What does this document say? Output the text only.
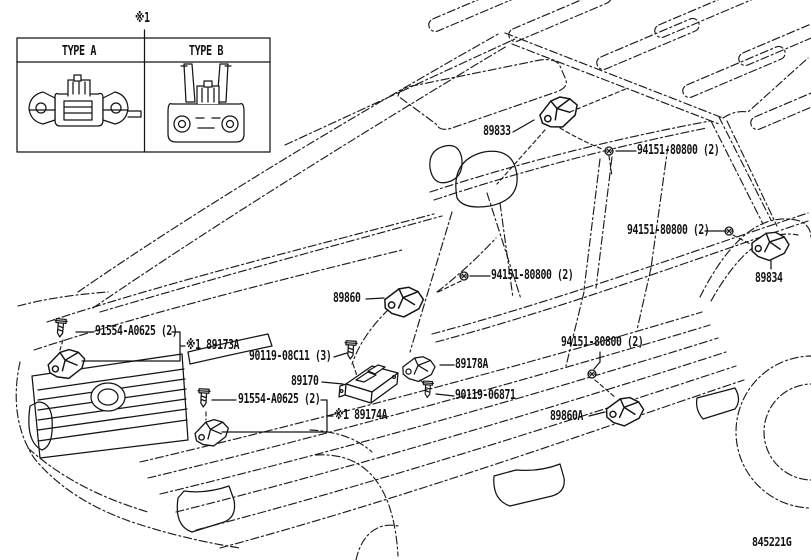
※1
TYPE A	TYPE B
89833
94151-80800 (2)
94151-80800 (2)
89834
94151-80800 (2)
89860
91554-A0625 (2)
※1 89173A
90119-08C11 (3)
89170
91554-A0625 (2)
※1 89174A
89178A
90119-06871
94151-80800 (2)
89860A
845221G
